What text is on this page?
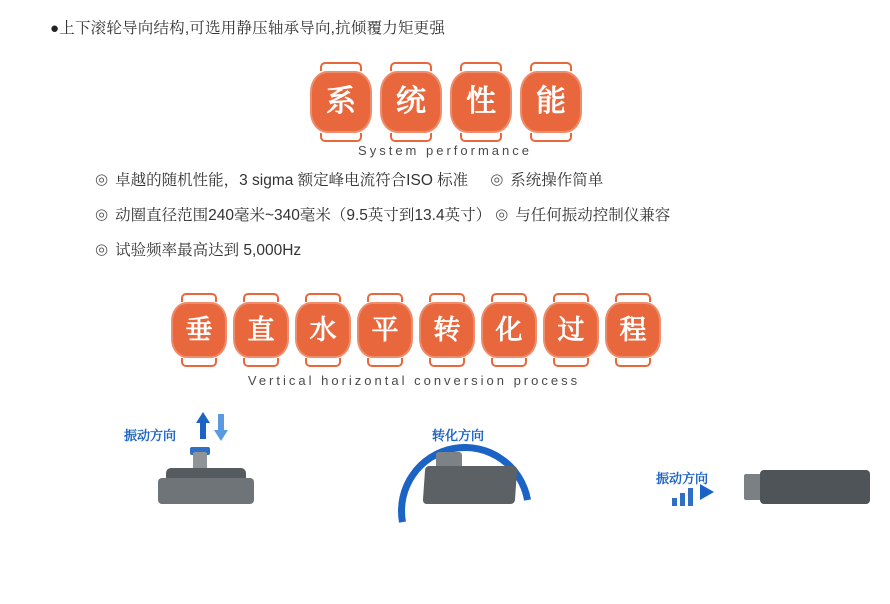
●上下滚轮导向结构,可选用静压轴承导向,抗倾覆力矩更强
系	统	性	能
System performance
◎ 卓越的随机性能，3 sigma 额定峰电流符合ISO 标准 ◎ 系统操作简单
◎ 动圈直径范围240毫米~340毫米（9.5英寸到13.4英寸） ◎ 与任何振动控制仪兼容
◎ 试验频率最高达到 5,000Hz
垂	直	水	平	转	化	过	程
Vertical horizontal conversion process
振动方向	转化方向
振动方向
